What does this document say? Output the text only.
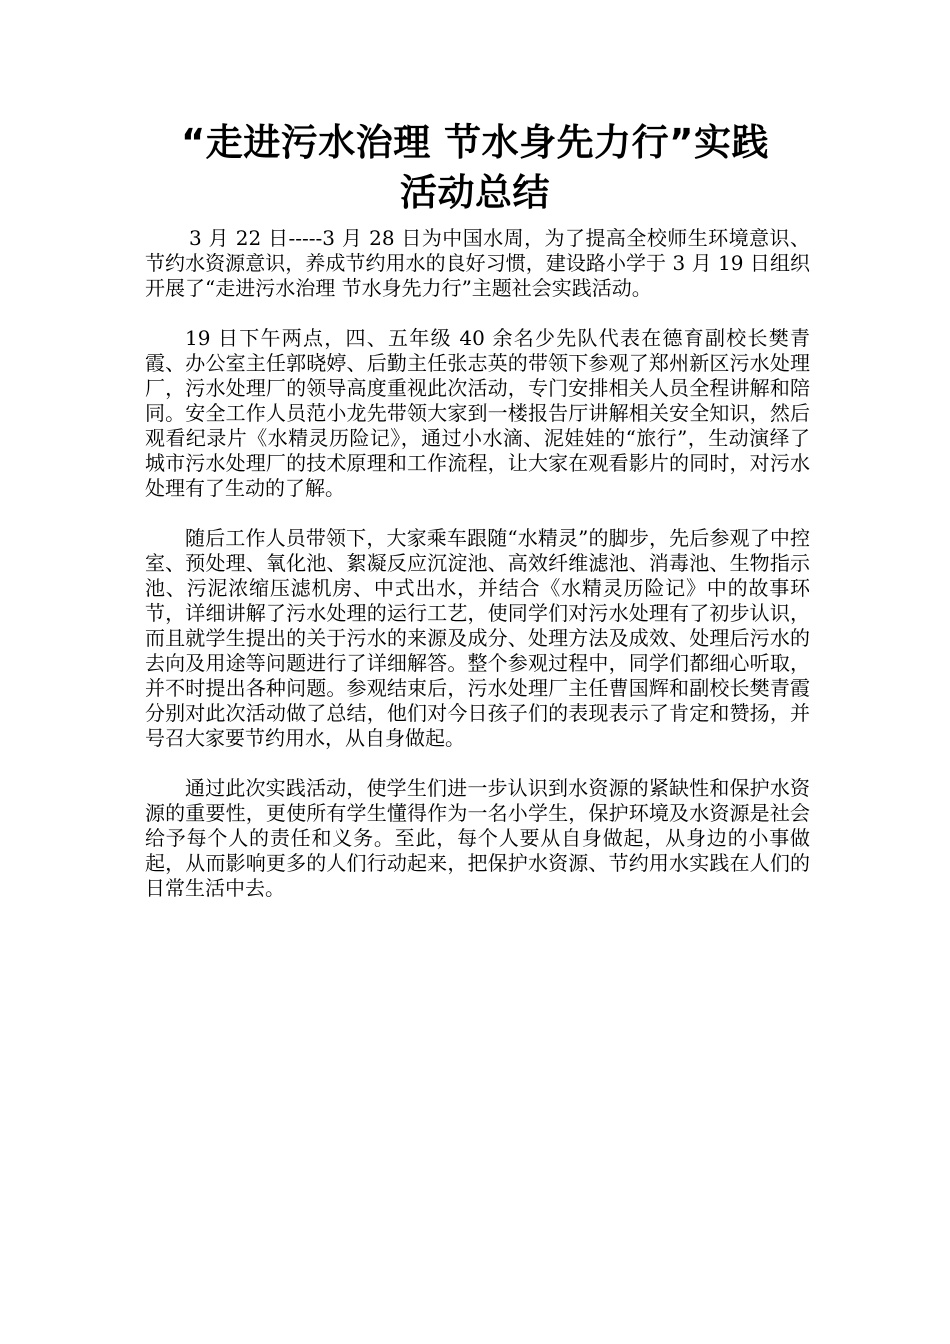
“走进污水治理 节水身先力行”实践
活动总结

3 月 22 日-----3 月 28 日为中国水周，为了提高全校师生环境意识、节约水资源意识，养成节约用水的良好习惯，建设路小学于 3 月 19 日组织开展了“走进污水治理 节水身先力行”主题社会实践活动。

19 日下午两点，四、五年级 40 余名少先队代表在德育副校长樊青霞、办公室主任郭晓婷、后勤主任张志英的带领下参观了郑州新区污水处理厂，污水处理厂的领导高度重视此次活动，专门安排相关人员全程讲解和陪同。安全工作人员范小龙先带领大家到一楼报告厅讲解相关安全知识，然后观看纪录片《水精灵历险记》，通过小水滴、泥娃娃的“旅行”，生动演绎了城市污水处理厂的技术原理和工作流程，让大家在观看影片的同时，对污水处理有了生动的了解。

随后工作人员带领下，大家乘车跟随“水精灵”的脚步，先后参观了中控室、预处理、氧化池、絮凝反应沉淀池、高效纤维滤池、消毒池、生物指示池、污泥浓缩压滤机房、中式出水，并结合《水精灵历险记》中的故事环节，详细讲解了污水处理的运行工艺，使同学们对污水处理有了初步认识，而且就学生提出的关于污水的来源及成分、处理方法及成效、处理后污水的去向及用途等问题进行了详细解答。整个参观过程中，同学们都细心听取，并不时提出各种问题。参观结束后，污水处理厂主任曹国辉和副校长樊青霞分别对此次活动做了总结，他们对今日孩子们的表现表示了肯定和赞扬，并号召大家要节约用水，从自身做起。

通过此次实践活动，使学生们进一步认识到水资源的紧缺性和保护水资源的重要性，更使所有学生懂得作为一名小学生，保护环境及水资源是社会给予每个人的责任和义务。至此，每个人要从自身做起，从身边的小事做起，从而影响更多的人们行动起来，把保护水资源、节约用水实践在人们的日常生活中去。
